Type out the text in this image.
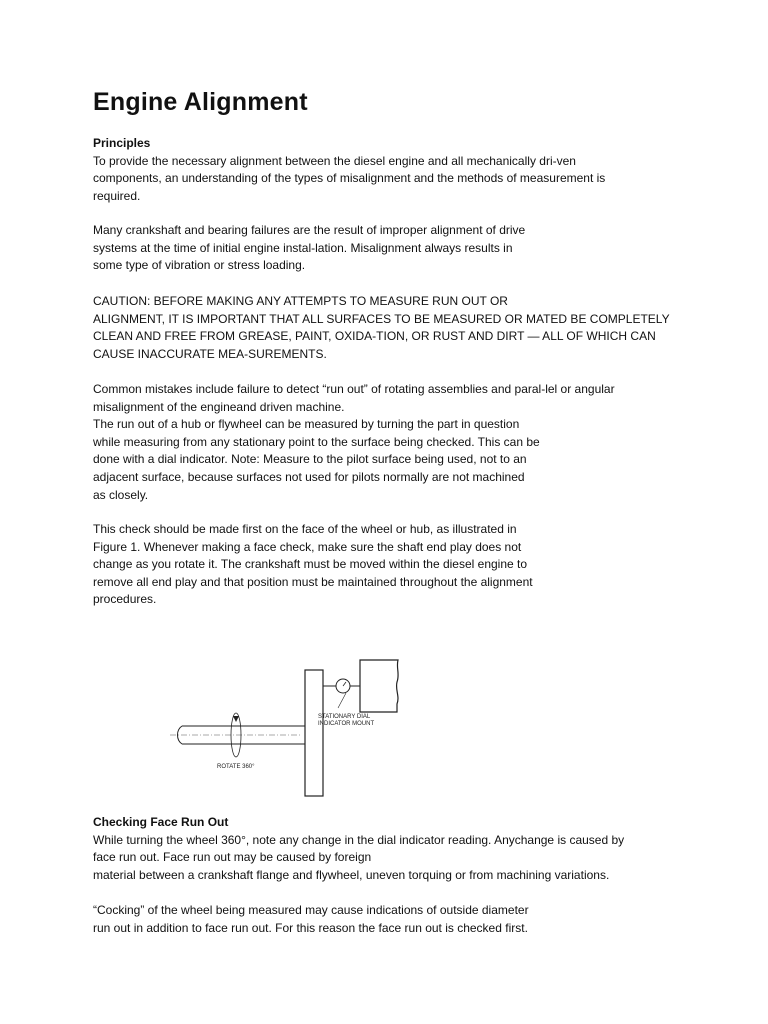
Engine Alignment
Principles
To provide the necessary alignment between the diesel engine and all mechanically dri-ven
components, an understanding of the types of misalignment and the methods of measurement is
required.
Many crankshaft and bearing failures are the result of improper alignment of drive
systems at the time of initial engine instal-lation. Misalignment always results in
some type of vibration or stress loading.
CAUTION: BEFORE MAKING ANY ATTEMPTS TO MEASURE RUN OUT OR
ALIGNMENT, IT IS IMPORTANT THAT ALL SURFACES TO BE MEASURED OR MATED BE COMPLETELY
CLEAN AND FREE FROM GREASE, PAINT, OXIDA-TION, OR RUST AND DIRT — ALL OF WHICH CAN
CAUSE INACCURATE MEA-SUREMENTS.
Common mistakes include failure to detect “run out” of rotating assemblies and paral-lel or angular
misalignment of the engineand driven machine.
The run out of a hub or flywheel can be measured by turning the part in question
while measuring from any stationary point to the surface being checked. This can be
done with a dial indicator. Note: Measure to the pilot surface being used, not to an
adjacent surface, because surfaces not used for pilots normally are not machined
as closely.
This check should be made first on the face of the wheel or hub, as illustrated in
Figure 1. Whenever making a face check, make sure the shaft end play does not
change as you rotate it. The crankshaft must be moved within the diesel engine to
remove all end play and that position must be maintained throughout the alignment
procedures.
STATIONARY DIAL
INDICATOR MOUNT
ROTATE 360°
Checking Face Run Out
While turning the wheel 360°, note any change in the dial indicator reading. Anychange is caused by
face run out. Face run out may be caused by foreign
material between a crankshaft flange and flywheel, uneven torquing or from machining variations.
“Cocking” of the wheel being measured may cause indications of outside diameter
run out in addition to face run out. For this reason the face run out is checked first.
